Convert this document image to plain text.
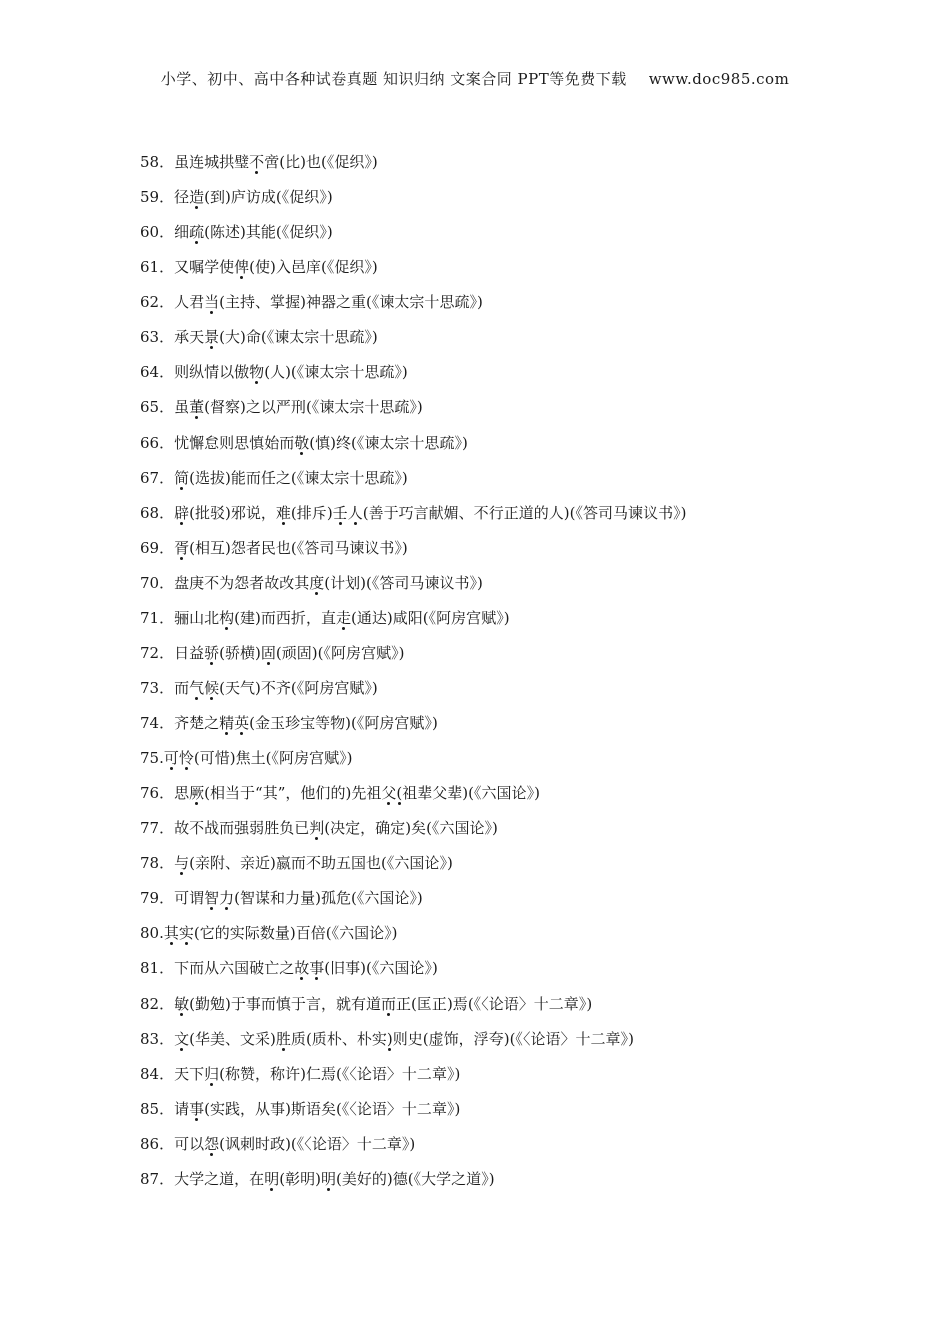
小学、初中、高中各种试卷真题 知识归纳 文案合同 PPT等免费下载 www.doc985.com
58．虽连城拱璧不啻(比)也(《促织》)
59．径造(到)庐访成(《促织》)
60．细疏(陈述)其能(《促织》)
61．又嘱学使俾(使)入邑庠(《促织》)
62．人君当(主持、掌握)神器之重(《谏太宗十思疏》)
63．承天景(大)命(《谏太宗十思疏》)
64．则纵情以傲物(人)(《谏太宗十思疏》)
65．虽董(督察)之以严刑(《谏太宗十思疏》)
66．忧懈怠则思慎始而敬(慎)终(《谏太宗十思疏》)
67．简(选拔)能而任之(《谏太宗十思疏》)
68．辟(批驳)邪说，难(排斥)壬人(善于巧言献媚、不行正道的人)(《答司马谏议书》)
69．胥(相互)怨者民也(《答司马谏议书》)
70．盘庚不为怨者故改其度(计划)(《答司马谏议书》)
71．骊山北构(建)而西折，直走(通达)咸阳(《阿房宫赋》)
72．日益骄(骄横)固(顽固)(《阿房宫赋》)
73．而气候(天气)不齐(《阿房宫赋》)
74．齐楚之精英(金玉珍宝等物)(《阿房宫赋》)
75.可怜(可惜)焦土(《阿房宫赋》)
76．思厥(相当于“其”，他们的)先祖父(祖辈父辈)(《六国论》)
77．故不战而强弱胜负已判(决定，确定)矣(《六国论》)
78．与(亲附、亲近)嬴而不助五国也(《六国论》)
79．可谓智力(智谋和力量)孤危(《六国论》)
80.其实(它的实际数量)百倍(《六国论》)
81．下而从六国破亡之故事(旧事)(《六国论》)
82．敏(勤勉)于事而慎于言，就有道而正(匡正)焉(《〈论语〉十二章》)
83．文(华美、文采)胜质(质朴、朴实)则史(虚饰，浮夸)(《〈论语〉十二章》)
84．天下归(称赞，称许)仁焉(《〈论语〉十二章》)
85．请事(实践，从事)斯语矣(《〈论语〉十二章》)
86．可以怨(讽刺时政)(《〈论语〉十二章》)
87．大学之道，在明(彰明)明(美好的)德(《大学之道》)
